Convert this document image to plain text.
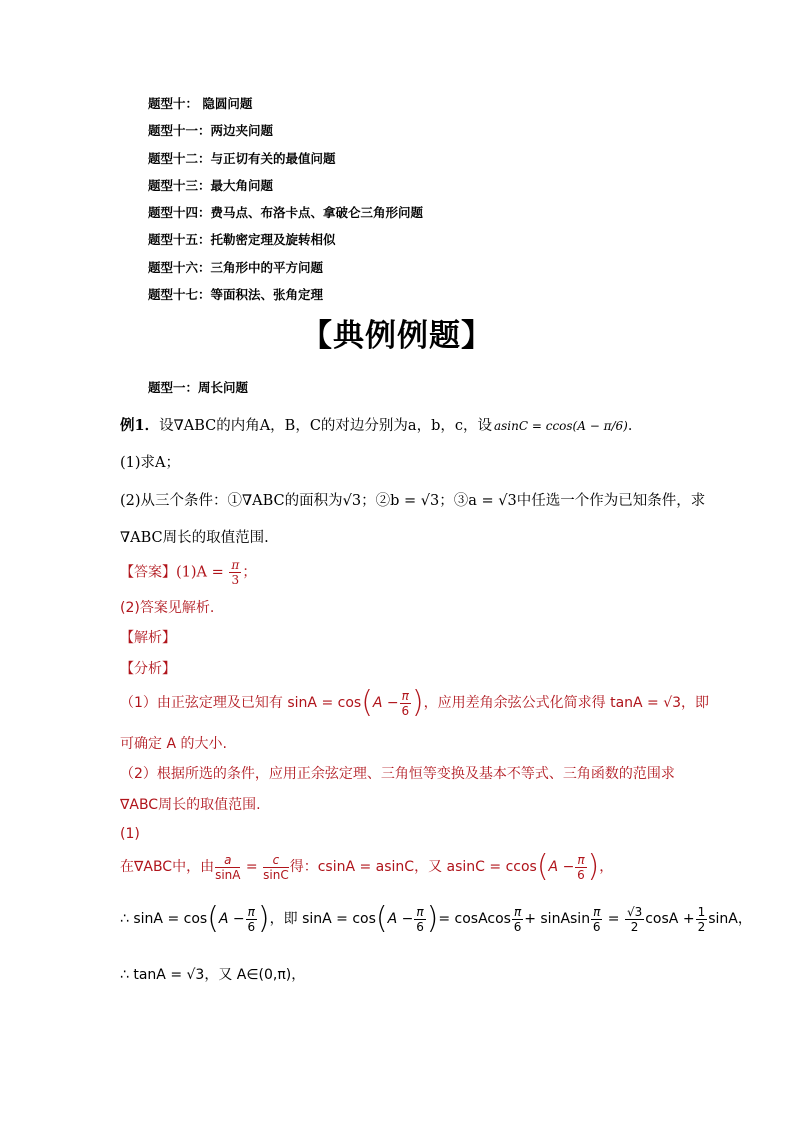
题型十： 隐圆问题
题型十一：两边夹问题
题型十二：与正切有关的最值问题
题型十三：最大角问题
题型十四：费马点、布洛卡点、拿破仑三角形问题
题型十五：托勒密定理及旋转相似
题型十六：三角形中的平方问题
题型十七：等面积法、张角定理
【典例例题】
题型一：周长问题
例1．设∇ABC的内角A，B，C的对边分别为a，b，c，设 asinC = ccos(A − π/6)．
(1)求A；
(2)从三个条件：①∇ABC的面积为√3；②b = √3；③a = √3中任选一个作为已知条件，求
∇ABC周长的取值范围.
【答案】$(1)A = \frac{\pi}{3}$ ；
(2)答案见解析.
【解析】
【分析】
（1）由正弦定理及已知有 $\sin A = \cos(A - \frac{\pi}{6}$ )，应用差角余弦公式化简求得 tanA = √3，即
可确定 A 的大小.
（2）根据所选的条件，应用正余弦定理、三角恒等变换及基本不等式、三角函数的范围求
∇ABC周长的取值范围.
(1)
在∇ABC中，由 $\frac{a}{\sin A} = \frac{c}{\sin C}$ 得：csinA = asinC，又 $asinC = ccos(A - \frac{\pi}{6}$ )，
∴ $\sin A = \cos(A - \frac{\pi}{6}$ )，即 $\sin A = \cos(A - \frac{\pi}{6}$ )= cosAcos $\frac{\pi}{6}$ + sinAsin $\frac{\pi}{6} = \frac{√3}{2}$ $\cos A + \frac{1}{2}$ sinA，
∴ tanA = √3，又 A∈(0,π)，
